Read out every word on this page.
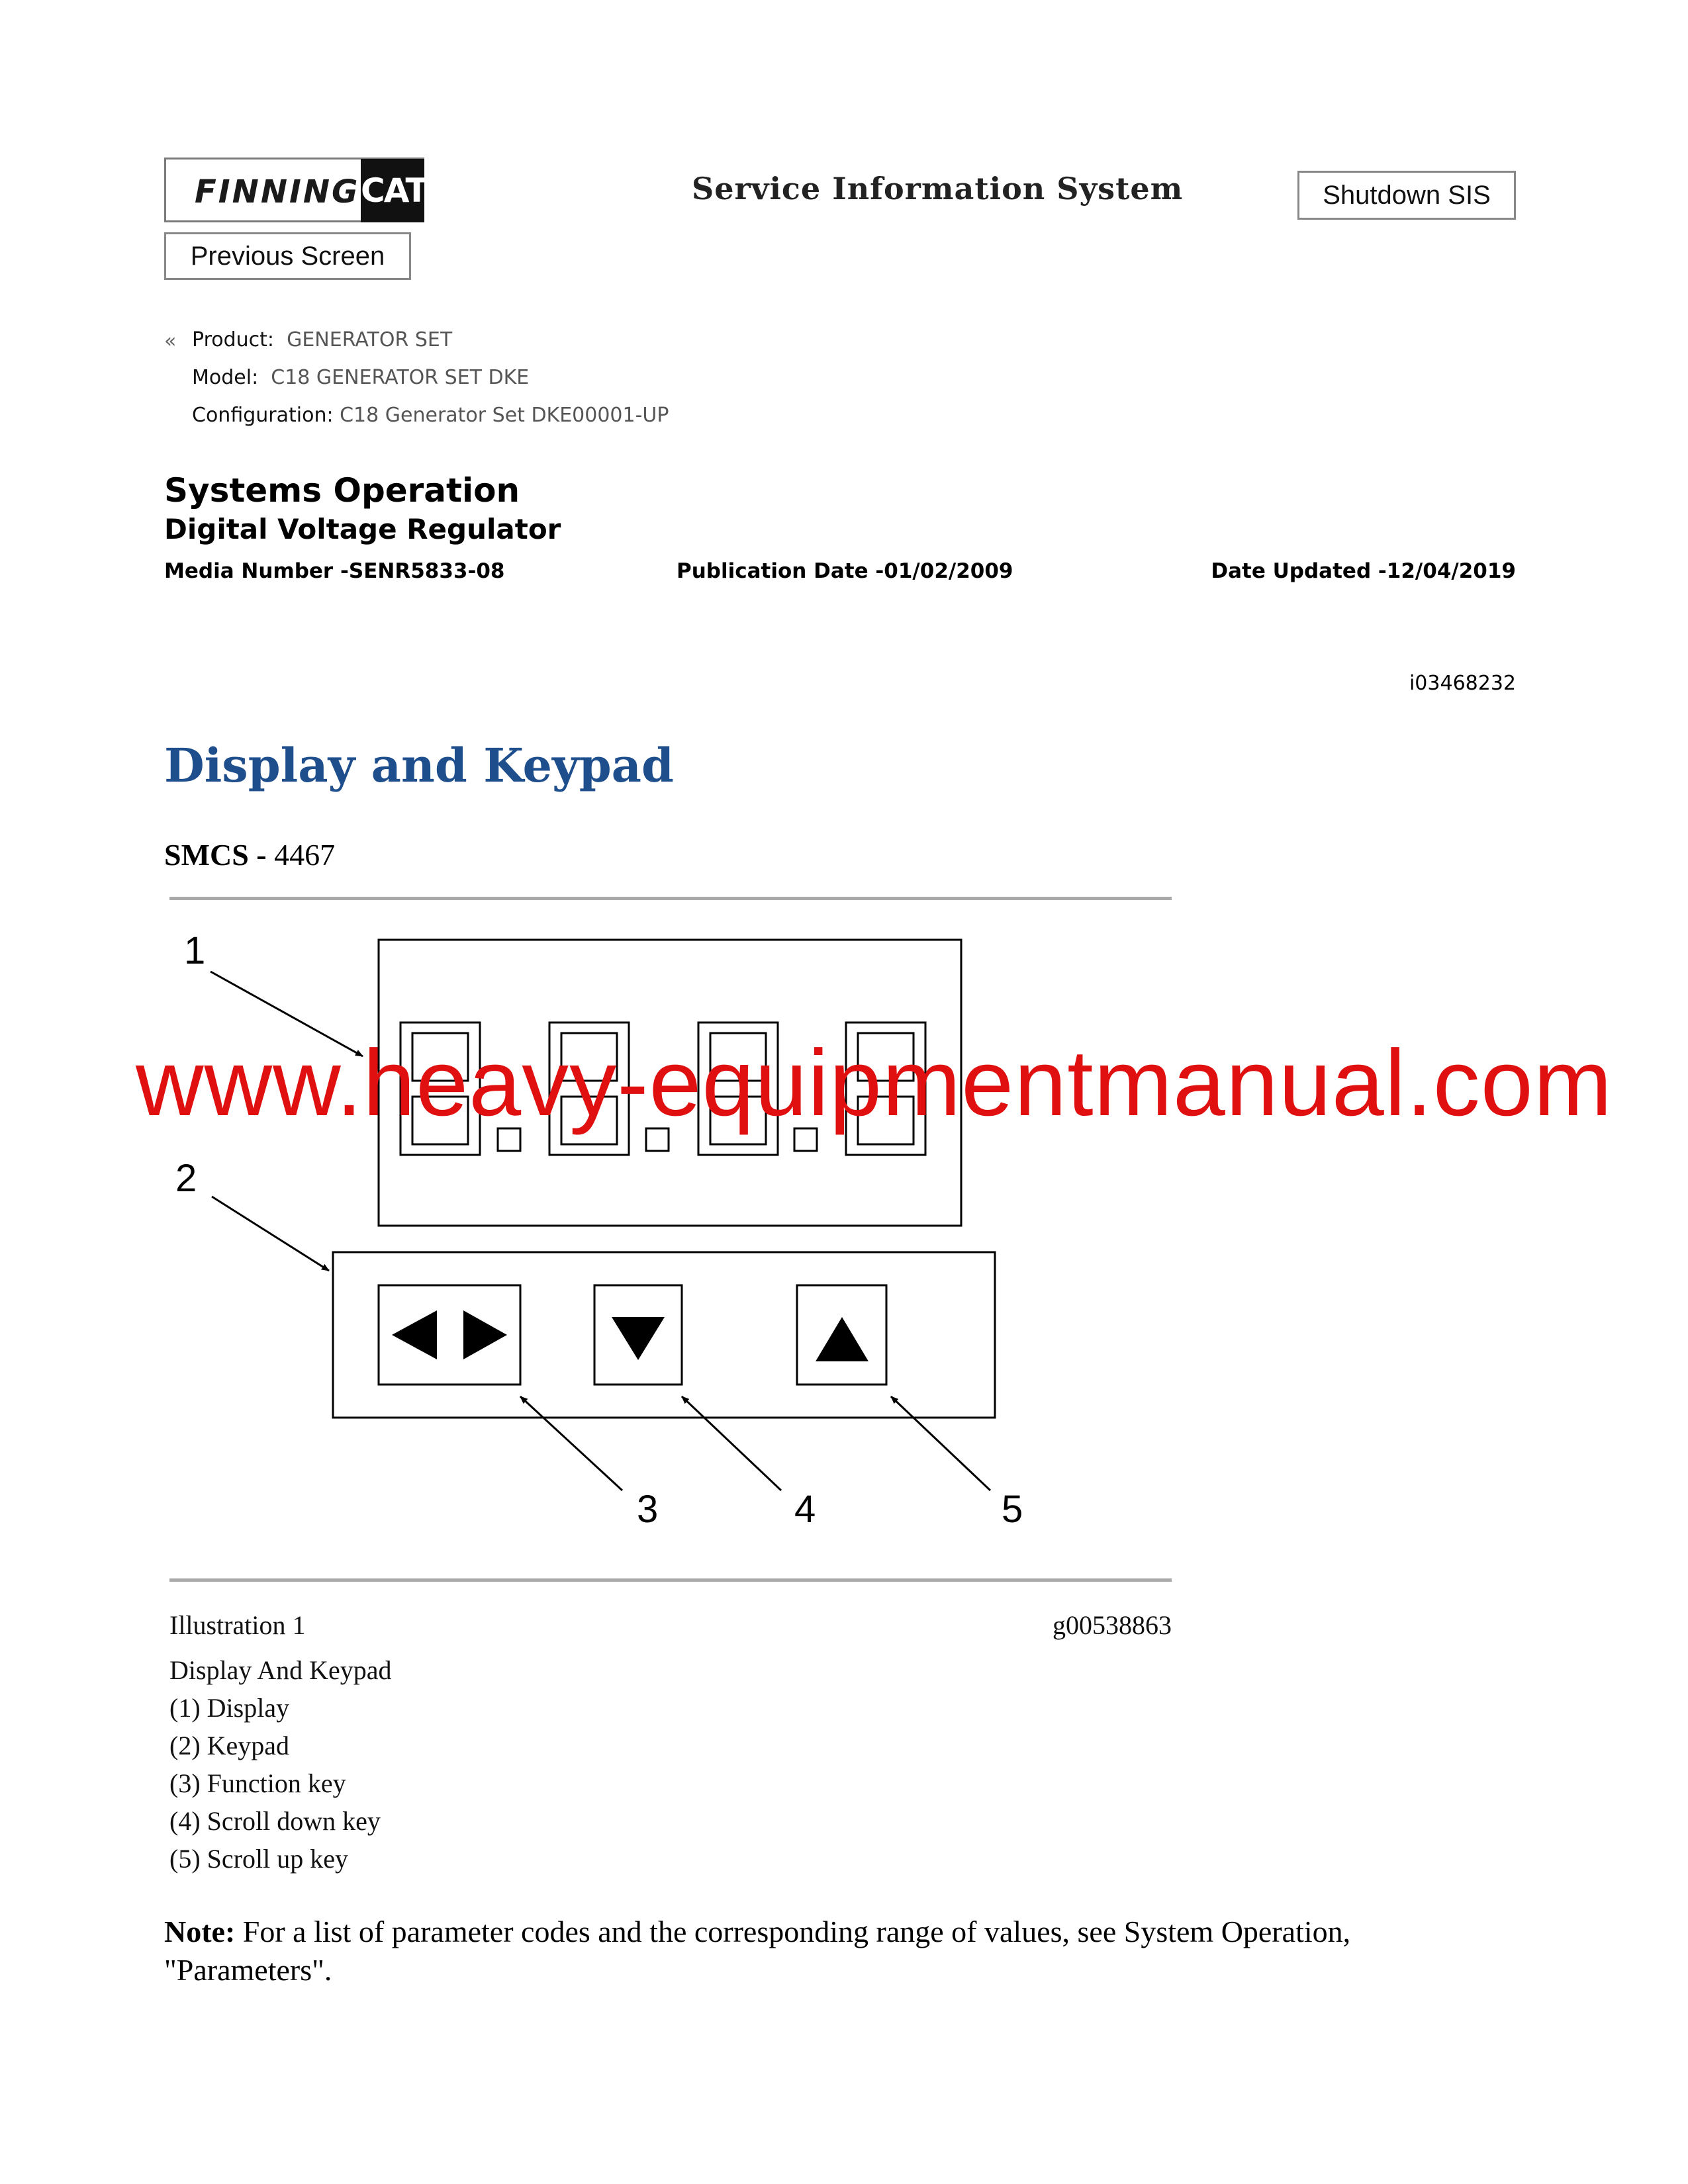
FINNING CAT	Service Information System	Shutdown SIS
Previous Screen
« Product: GENERATOR SET
Model: C18 GENERATOR SET DKE
Configuration: C18 Generator Set DKE00001-UP
Systems Operation
Digital Voltage Regulator
Media Number -SENR5833-08	Publication Date -01/02/2009	Date Updated -12/04/2019
i03468232
Display and Keypad
SMCS - 4467
1
2
3	4	5
Illustration 1	g00538863
Display And Keypad
(1) Display
(2) Keypad
(3) Function key
(4) Scroll down key
(5) Scroll up key
Note: For a list of parameter codes and the corresponding range of values, see System Operation, "Parameters".
www.heavy-equipmentmanual.com
